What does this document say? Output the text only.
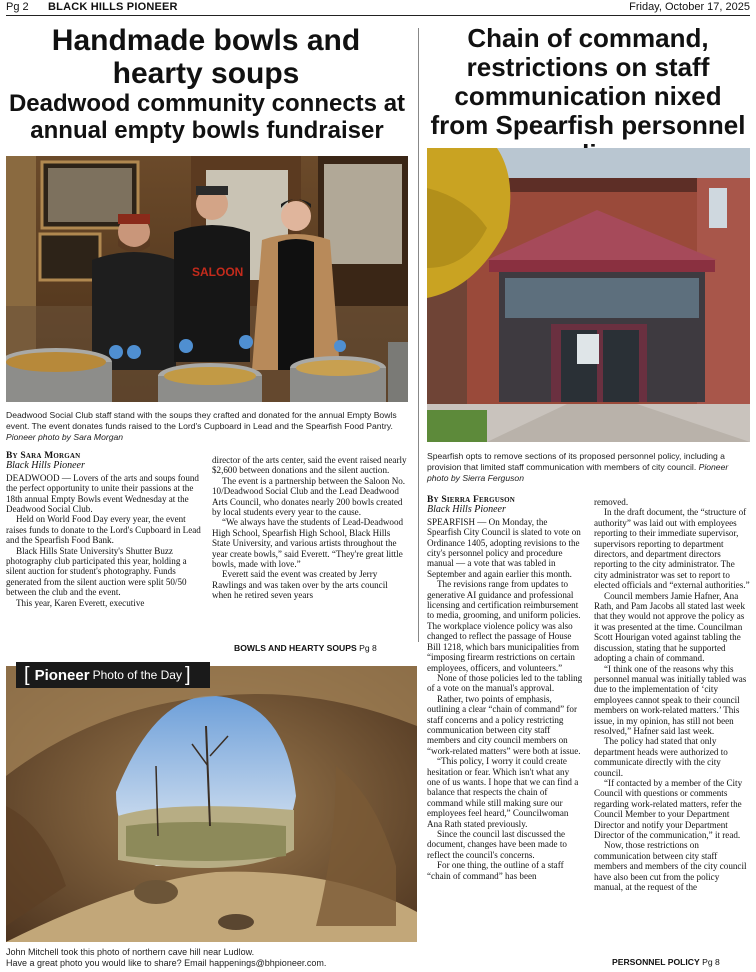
Pg 2 BLACK HILLS PIONEER	Friday, October 17, 2025
Handmade bowls and hearty soups
Deadwood community connects at annual empty bowls fundraiser
SALOON
Deadwood Social Club staff stand with the soups they crafted and donated for the annual Empty Bowls event. The event donates funds raised to the Lord's Cupboard in Lead and the Spearfish Food Pantry. Pioneer photo by Sara Morgan
By Sara Morgan
Black Hills Pioneer

DEADWOOD — Lovers of the arts and soups found the perfect opportunity to unite their passions at the 18th annual Empty Bowls event Wednesday at the Deadwood Social Club.

Held on World Food Day every year, the event raises funds to donate to the Lord's Cupboard in Lead and the Spearfish Food Bank.

Black Hills State University's Shutter Buzz photography club participated this year, holding a silent auction for student's photography. Funds generated from the silent auction were split 50/50 between the club and the event.

This year, Karen Everett, executive

director of the arts center, said the event raised nearly $2,600 between donations and the silent auction.

The event is a partnership between the Saloon No. 10/Deadwood Social Club and the Lead Deadwood Arts Council, who donates nearly 200 bowls created by local students every year to the cause.

“We always have the students of Lead-Deadwood High School, Spearfish High School, Black Hills State University, and various artists throughout the year create bowls,” said Everett. “They're great little bowls, made with love.”

Everett said the event was created by Jerry Rawlings and was taken over by the arts council when he retired seven years

BOWLS AND HEARTY SOUPS Pg 8
[ Pioneer Photo of the Day ]
John Mitchell took this photo of northern cave hill near Ludlow.
Have a great photo you would like to share? Email happenings@bhpioneer.com.
Chain of command, restrictions on staff communication nixed from Spearfish personnel
Spearfish opts to remove sections of its proposed personnel policy, including a provision that limited staff communication with members of city council. Pioneer photo by Sierra Ferguson
By Sierra Ferguson
Black Hills Pioneer

SPEARFISH — On Monday, the Spearfish City Council is slated to vote on Ordinance 1405, adopting revisions to the city's personnel policy and procedure manual — a vote that was tabled in September and again earlier this month.

The revisions range from updates to generative AI guidance and professional licensing and certification reimbursement to media, grooming, and uniform policies. The workplace violence policy was also changed to reflect the passage of House Bill 1218, which bars municipalities from “imposing firearm restrictions on certain employees, officers, and volunteers.”

None of those policies led to the tabling of a vote on the manual's approval.

Rather, two points of emphasis, outlining a clear “chain of command” for staff concerns and a policy restricting communication between city staff members and city council members on “work-related matters” were both at issue.

“This policy, I worry it could create hesitation or fear. Which isn't what any one of us wants. I hope that we can find a balance that respects the chain of command while still making sure our employees feel heard,” Councilwoman Ana Rath stated previously.

Since the council last discussed the document, changes have been made to reflect the council's concerns.

For one thing, the outline of a staff “chain of command” has been

removed.

In the draft document, the “structure of authority” was laid out with employees reporting to their immediate supervisor, supervisors reporting to department directors, and department directors reporting to the city administrator. The city administrator was set to report to elected officials and “external authorities.”

Council members Jamie Hafner, Ana Rath, and Pam Jacobs all stated last week that they would not approve the policy as it was presented at the time. Councilman Scott Hourigan voted against tabling the discussion, stating that he supported adopting a chain of command.

“I think one of the reasons why this personnel manual was initially tabled was due to the implementation of ‘city employees cannot speak to their council members on work-related matters.’ This issue, in my opinion, has still not been resolved,” Hafner said last week.

The policy had stated that only department heads were authorized to communicate directly with the city council.

“If contacted by a member of the City Council with questions or comments regarding work-related matters, refer the Council Member to your Department Director and notify your Department Director of the communication,” it read.

Now, those restrictions on communication between city staff members and members of the city council have also been cut from the policy manual, at the request of the

PERSONNEL POLICY Pg 8
